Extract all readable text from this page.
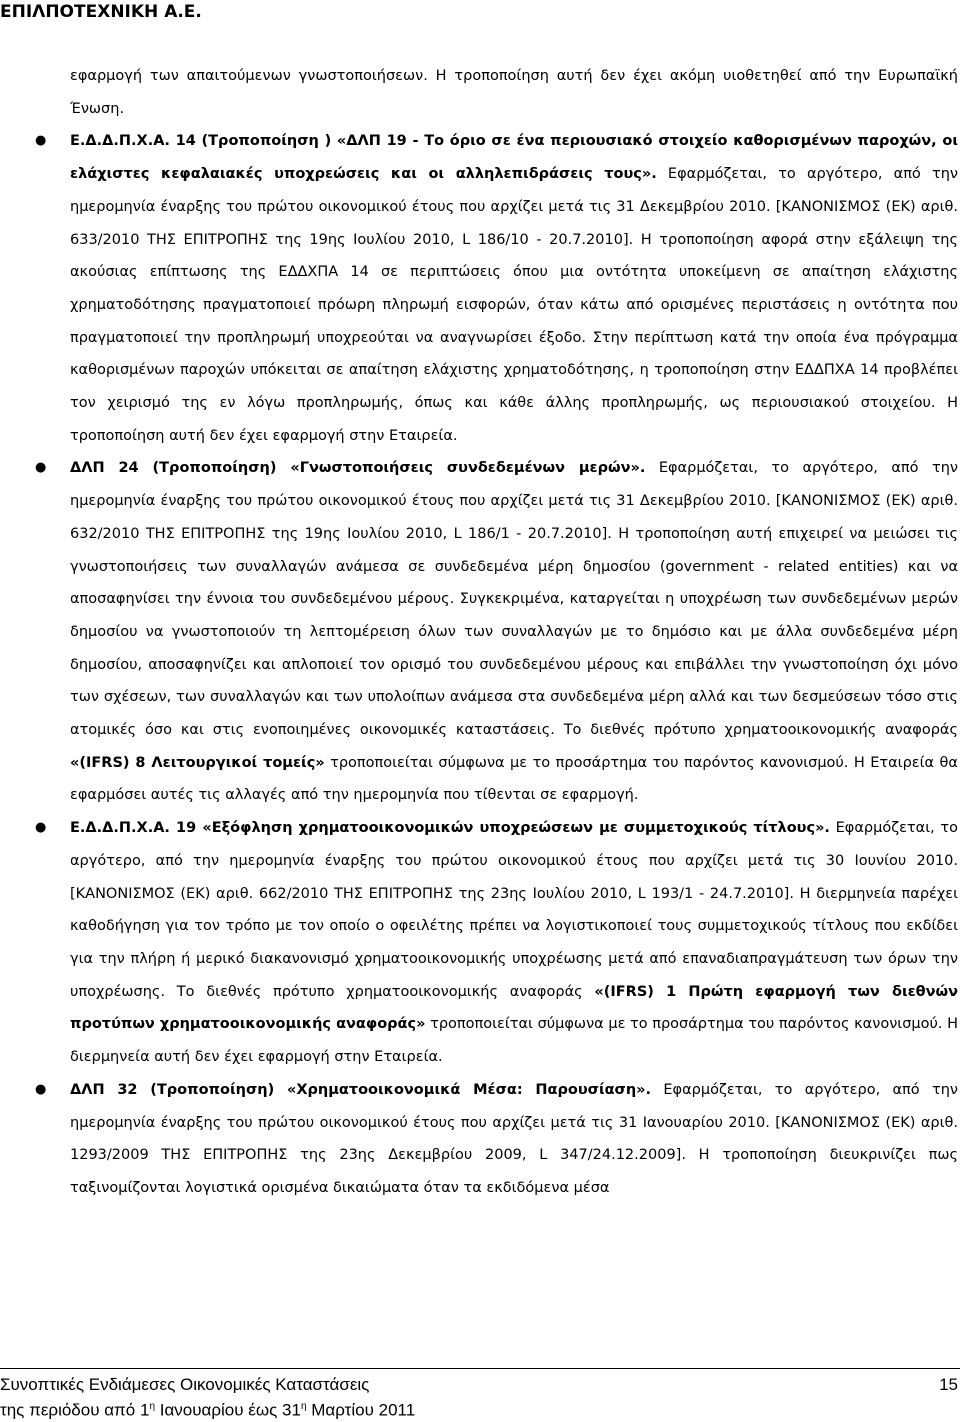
ΕΠΙΛΠΟΤΕΧΝΙΚΗ Α.Ε.

εφαρμογή των απαιτούμενων γνωστοποιήσεων. Η τροποποίηση αυτή δεν έχει ακόμη υιοθετηθεί από την Ευρωπαϊκή Ένωση.

● Ε.Δ.Δ.Π.Χ.Α. 14 (Τροποποίηση ) «ΔΛΠ 19 - Το όριο σε ένα περιουσιακό στοιχείο καθορισμένων παροχών, οι ελάχιστες κεφαλαιακές υποχρεώσεις και οι αλληλεπιδράσεις τους». Εφαρμόζεται, το αργότερο, από την ημερομηνία έναρξης του πρώτου οικονομικού έτους που αρχίζει μετά τις 31 Δεκεμβρίου 2010. [ΚΑΝΟΝΙΣΜΟΣ (ΕΚ) αριθ. 633/2010 ΤΗΣ ΕΠΙΤΡΟΠΗΣ της 19ης Ιουλίου 2010, L 186/10 - 20.7.2010]. Η τροποποίηση αφορά στην εξάλειψη της ακούσιας επίπτωσης της ΕΔΔΧΠΑ 14 σε περιπτώσεις όπου μια οντότητα υποκείμενη σε απαίτηση ελάχιστης χρηματοδότησης πραγματοποιεί πρόωρη πληρωμή εισφορών, όταν κάτω από ορισμένες περιστάσεις η οντότητα που πραγματοποιεί την προπληρωμή υποχρεούται να αναγνωρίσει έξοδο. Στην περίπτωση κατά την οποία ένα πρόγραμμα καθορισμένων παροχών υπόκειται σε απαίτηση ελάχιστης χρηματοδότησης, η τροποποίηση στην ΕΔΔΠΧΑ 14 προβλέπει τον χειρισμό της εν λόγω προπληρωμής, όπως και κάθε άλλης προπληρωμής, ως περιουσιακού στοιχείου. Η τροποποίηση αυτή δεν έχει εφαρμογή στην Εταιρεία.
● ΔΛΠ 24 (Τροποποίηση) «Γνωστοποιήσεις συνδεδεμένων μερών». Εφαρμόζεται, το αργότερο, από την ημερομηνία έναρξης του πρώτου οικονομικού έτους που αρχίζει μετά τις 31 Δεκεμβρίου 2010. [ΚΑΝΟΝΙΣΜΟΣ (ΕΚ) αριθ. 632/2010 ΤΗΣ ΕΠΙΤΡΟΠΗΣ της 19ης Ιουλίου 2010, L 186/1 - 20.7.2010]. Η τροποποίηση αυτή επιχειρεί να μειώσει τις γνωστοποιήσεις των συναλλαγών ανάμεσα σε συνδεδεμένα μέρη δημοσίου (government - related entities) και να αποσαφηνίσει την έννοια του συνδεδεμένου μέρους. Συγκεκριμένα, καταργείται η υποχρέωση των συνδεδεμένων μερών δημοσίου να γνωστοποιούν τη λεπτομέρειση όλων των συναλλαγών με το δημόσιο και με άλλα συνδεδεμένα μέρη δημοσίου, αποσαφηνίζει και απλοποιεί τον ορισμό του συνδεδεμένου μέρους και επιβάλλει την γνωστοποίηση όχι μόνο των σχέσεων, των συναλλαγών και των υπολοίπων ανάμεσα στα συνδεδεμένα μέρη αλλά και των δεσμεύσεων τόσο στις ατομικές όσο και στις ενοποιημένες οικονομικές καταστάσεις. Το διεθνές πρότυπο χρηματοοικονομικής αναφοράς «(IFRS) 8 Λειτουργικοί τομείς» τροποποιείται σύμφωνα με το προσάρτημα του παρόντος κανονισμού. Η Εταιρεία θα εφαρμόσει αυτές τις αλλαγές από την ημερομηνία που τίθενται σε εφαρμογή.
● Ε.Δ.Δ.Π.Χ.Α. 19 «Εξόφληση χρηματοοικονομικών υποχρεώσεων με συμμετοχικούς τίτλους». Εφαρμόζεται, το αργότερο, από την ημερομηνία έναρξης του πρώτου οικονομικού έτους που αρχίζει μετά τις 30 Ιουνίου 2010. [ΚΑΝΟΝΙΣΜΟΣ (ΕΚ) αριθ. 662/2010 ΤΗΣ ΕΠΙΤΡΟΠΗΣ της 23ης Ιουλίου 2010, L 193/1 - 24.7.2010]. Η διερμηνεία παρέχει καθοδήγηση για τον τρόπο με τον οποίο ο οφειλέτης πρέπει να λογιστικοποιεί τους συμμετοχικούς τίτλους που εκδίδει για την πλήρη ή μερικό διακανονισμό χρηματοοικονομικής υποχρέωσης μετά από επαναδιαπραγμάτευση των όρων την υποχρέωσης. Το διεθνές πρότυπο χρηματοοικονομικής αναφοράς «(IFRS) 1 Πρώτη εφαρμογή των διεθνών προτύπων χρηματοοικονομικής αναφοράς» τροποποιείται σύμφωνα με το προσάρτημα του παρόντος κανονισμού. Η διερμηνεία αυτή δεν έχει εφαρμογή στην Εταιρεία.
● ΔΛΠ 32 (Τροποποίηση) «Χρηματοοικονομικά Μέσα: Παρουσίαση». Εφαρμόζεται, το αργότερο, από την ημερομηνία έναρξης του πρώτου οικονομικού έτους που αρχίζει μετά τις 31 Ιανουαρίου 2010. [ΚΑΝΟΝΙΣΜΟΣ (ΕΚ) αριθ. 1293/2009 ΤΗΣ ΕΠΙΤΡΟΠΗΣ της 23ης Δεκεμβρίου 2009, L 347/24.12.2009]. Η τροποποίηση διευκρινίζει πως ταξινομίζονται λογιστικά ορισμένα δικαιώματα όταν τα εκδιδόμενα μέσα
Συνοπτικές Ενδιάμεσες Οικονομικές Καταστάσεις	15
της περιόδου από $1^\eta$ Ιανουαρίου έως $31^\eta$ Μαρτίου 2011
